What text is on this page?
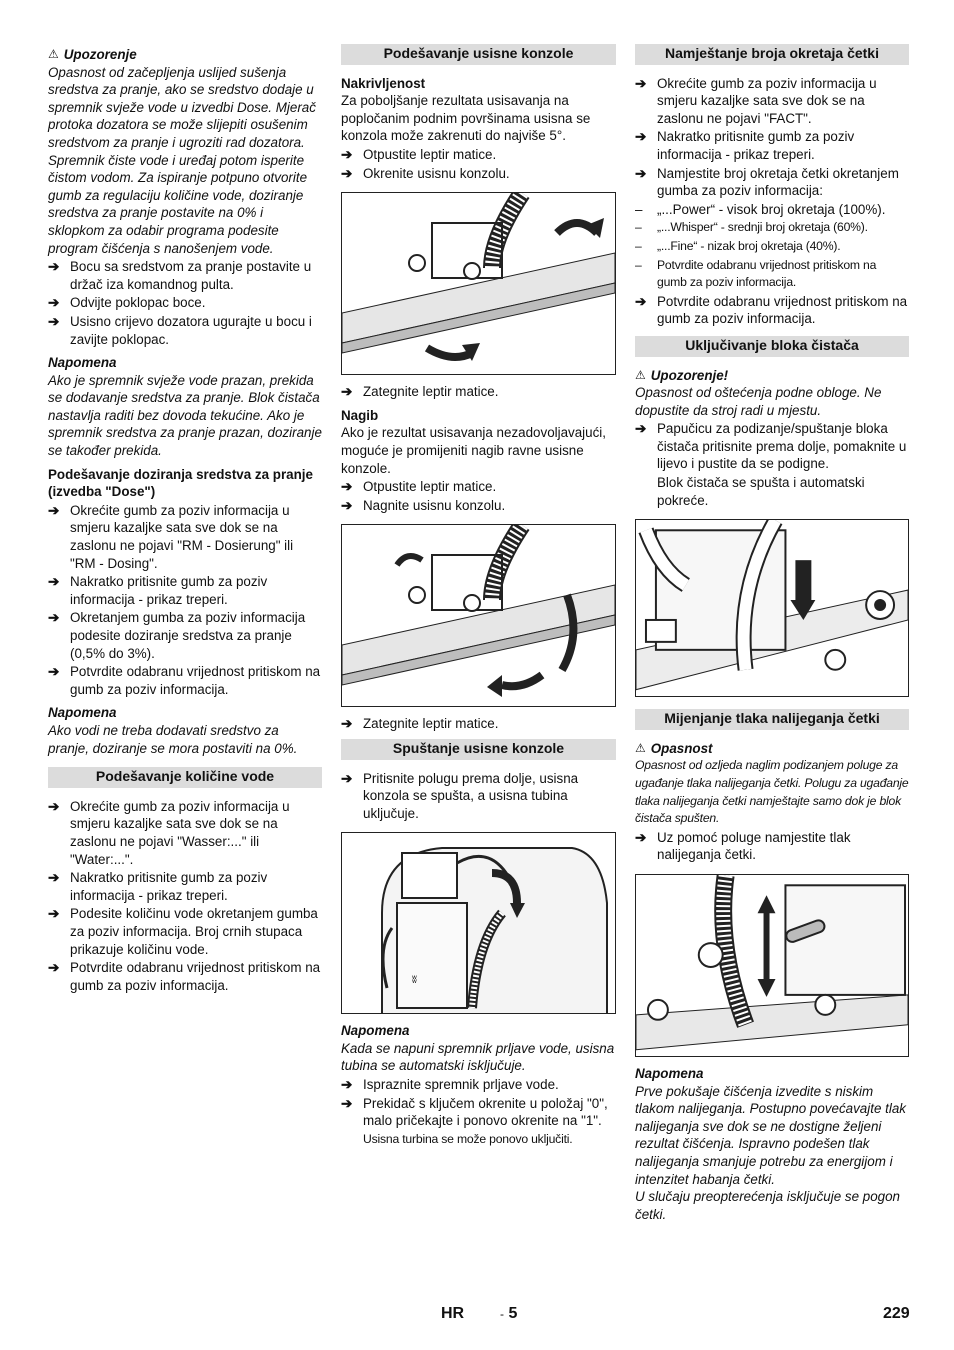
⚠ Upozorenje
Opasnost od začepljenja uslijed sušenja sredstva za pranje, ako se sredstvo dodaje u spremnik svježe vode u izvedbi Dose. Mjerač protoka dozatora se može slijepiti osušenim sredstvom za pranje i ugroziti rad dozatora. Spremnik čiste vode i uređaj potom isperite čistom vodom. Za ispiranje potpuno otvorite gumb za regulaciju količine vode, doziranje sredstva za pranje postavite na 0% i sklopkom za odabir programa podesite program čišćenja s nanošenjem vode.
➔ Bocu sa sredstvom za pranje postavite u držač iza komandnog pulta.
➔ Odvijte poklopac boce.
➔ Usisno crijevo dozatora ugurajte u bocu i zavijte poklopac.
Napomena
Ako je spremnik svježe vode prazan, prekida se dodavanje sredstva za pranje. Blok čistača nastavlja raditi bez dovoda tekućine. Ako je spremnik sredstva za pranje prazan, doziranje se također prekida.
Podešavanje doziranja sredstva za pranje (izvedba "Dose")
➔ Okrećite gumb za poziv informacija u smjeru kazaljke sata sve dok se na zaslonu ne pojavi "RM - Dosierung" ili "RM - Dosing".
➔ Nakratko pritisnite gumb za poziv informacija - prikaz treperi.
➔ Okretanjem gumba za poziv informacija podesite doziranje sredstva za pranje (0,5% do 3%).
➔ Potvrdite odabranu vrijednost pritiskom na gumb za poziv informacija.
Napomena
Ako vodi ne treba dodavati sredstvo za pranje, doziranje se mora postaviti na 0%.
Podešavanje količine vode
➔ Okrećite gumb za poziv informacija u smjeru kazaljke sata sve dok se na zaslonu ne pojavi "Wasser:..." ili "Water:...".
➔ Nakratko pritisnite gumb za poziv informacija - prikaz treperi.
➔ Podesite količinu vode okretanjem gumba za poziv informacija. Broj crnih stupaca prikazuje količinu vode.
➔ Potvrdite odabranu vrijednost pritiskom na gumb za poziv informacija.
Podešavanje usisne konzole
Nakrivljenost
Za poboljšanje rezultata usisavanja na popločanim podnim površinama usisna se konzola može zakrenuti do najviše 5°.
➔ Otpustite leptir matice.
➔ Okrenite usisnu konzolu.
➔ Zategnite leptir matice.
Nagib
Ako je rezultat usisavanja nezadovoljavajući, moguće je promijeniti nagib ravne usisne konzole.
➔ Otpustite leptir matice.
➔ Nagnite usisnu konzolu.
➔ Zategnite leptir matice.
Spuštanje usisne konzole
➔ Pritisnite polugu prema dolje, usisna konzola se spušta, a usisna tubina uključuje.
ʬ
Napomena
Kada se napuni spremnik prljave vode, usisna tubina se automatski isključuje.
➔ Ispraznite spremnik prljave vode.
➔ Prekidač s ključem okrenite u položaj "0", malo pričekajte i ponovo okrenite na "1".
Usisna turbina se može ponovo uključiti.
Namještanje broja okretaja četki
➔ Okrećite gumb za poziv informacija u smjeru kazaljke sata sve dok se na zaslonu ne pojavi "FACT".
➔ Nakratko pritisnite gumb za poziv informacija - prikaz treperi.
➔ Namjestite broj okretaja četki okretanjem gumba za poziv informacija:
–	„...Power“ - visok broj okretaja (100%).
–	„...Whisper“ - srednji broj okretaja (60%).
–	„...Fine“ - nizak broj okretaja (40%).
–	Potvrdite odabranu vrijednost pritiskom na gumb za poziv informacija.
➔ Potvrdite odabranu vrijednost pritiskom na gumb za poziv informacija.
Uključivanje bloka čistača
⚠ Upozorenje!
Opasnost od oštećenja podne obloge. Ne dopustite da stroj radi u mjestu.
➔ Papučicu za podizanje/spuštanje bloka čistača pritisnite prema dolje, pomaknite u lijevo i pustite da se podigne.
Blok čistača se spušta i automatski pokreće.
Mijenjanje tlaka nalijeganja četki
⚠ Opasnost
Opasnost od ozljeda naglim podizanjem poluge za ugađanje tlaka nalijeganja četki. Polugu za ugađanje tlaka nalijeganja četki namještajte samo dok je blok čistača spušten.
➔ Uz pomoć poluge namjestite tlak nalijeganja četki.
Napomena
Prve pokušaje čišćenja izvedite s niskim tlakom nalijeganja. Postupno povećavajte tlak nalijeganja sve dok se ne dostigne željeni rezultat čišćenja. Ispravno podešen tlak nalijeganja smanjuje potrebu za energijom i intenzitet habanja četki.
U slučaju preopterećenja isključuje se pogon četki.
HR	- 5	229
